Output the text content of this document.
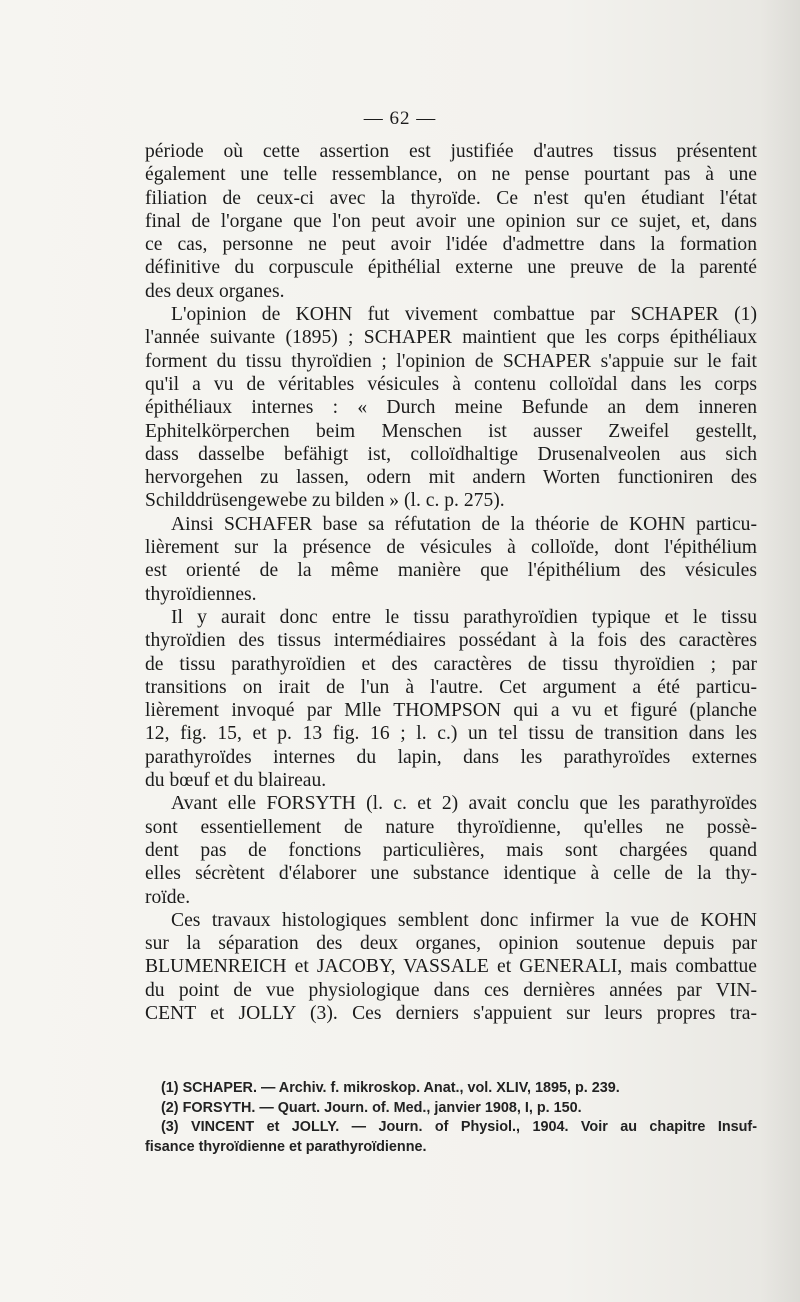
— 62 —
période où cette assertion est justifiée d'autres tissus présentent
également une telle ressemblance, on ne pense pourtant pas à une
filiation de ceux-ci avec la thyroïde. Ce n'est qu'en étudiant l'état
final de l'organe que l'on peut avoir une opinion sur ce sujet, et, dans
ce cas, personne ne peut avoir l'idée d'admettre dans la formation
définitive du corpuscule épithélial externe une preuve de la parenté
des deux organes.
L'opinion de KOHN fut vivement combattue par SCHAPER (1)
l'année suivante (1895) ; SCHAPER maintient que les corps épithéliaux
forment du tissu thyroïdien ; l'opinion de SCHAPER s'appuie sur le fait
qu'il a vu de véritables vésicules à contenu colloïdal dans les corps
épithéliaux internes : « Durch meine Befunde an dem inneren
Ephitelkörperchen beim Menschen ist ausser Zweifel gestellt,
dass dasselbe befähigt ist, colloïdhaltige Drusenalveolen aus sich
hervorgehen zu lassen, odern mit andern Worten functioniren des
Schilddrüsengewebe zu bilden » (l. c. p. 275).
Ainsi SCHAFER base sa réfutation de la théorie de KOHN particu-
lièrement sur la présence de vésicules à colloïde, dont l'épithélium
est orienté de la même manière que l'épithélium des vésicules
thyroïdiennes.
Il y aurait donc entre le tissu parathyroïdien typique et le tissu
thyroïdien des tissus intermédiaires possédant à la fois des caractères
de tissu parathyroïdien et des caractères de tissu thyroïdien ; par
transitions on irait de l'un à l'autre. Cet argument a été particu-
lièrement invoqué par Mlle THOMPSON qui a vu et figuré (planche
12, fig. 15, et p. 13 fig. 16 ; l. c.) un tel tissu de transition dans les
parathyroïdes internes du lapin, dans les parathyroïdes externes
du bœuf et du blaireau.
Avant elle FORSYTH (l. c. et 2) avait conclu que les parathyroïdes
sont essentiellement de nature thyroïdienne, qu'elles ne possè-
dent pas de fonctions particulières, mais sont chargées quand
elles sécrètent d'élaborer une substance identique à celle de la thy-
roïde.
Ces travaux histologiques semblent donc infirmer la vue de KOHN
sur la séparation des deux organes, opinion soutenue depuis par
BLUMENREICH et JACOBY, VASSALE et GENERALI, mais combattue
du point de vue physiologique dans ces dernières années par VIN-
CENT et JOLLY (3). Ces derniers s'appuient sur leurs propres tra-
(1) SCHAPER. — Archiv. f. mikroskop. Anat., vol. XLIV, 1895, p. 239.
(2) FORSYTH. — Quart. Journ. of. Med., janvier 1908, I, p. 150.
(3) VINCENT et JOLLY. — Journ. of Physiol., 1904. Voir au chapitre Insuf-
fisance thyroïdienne et parathyroïdienne.
